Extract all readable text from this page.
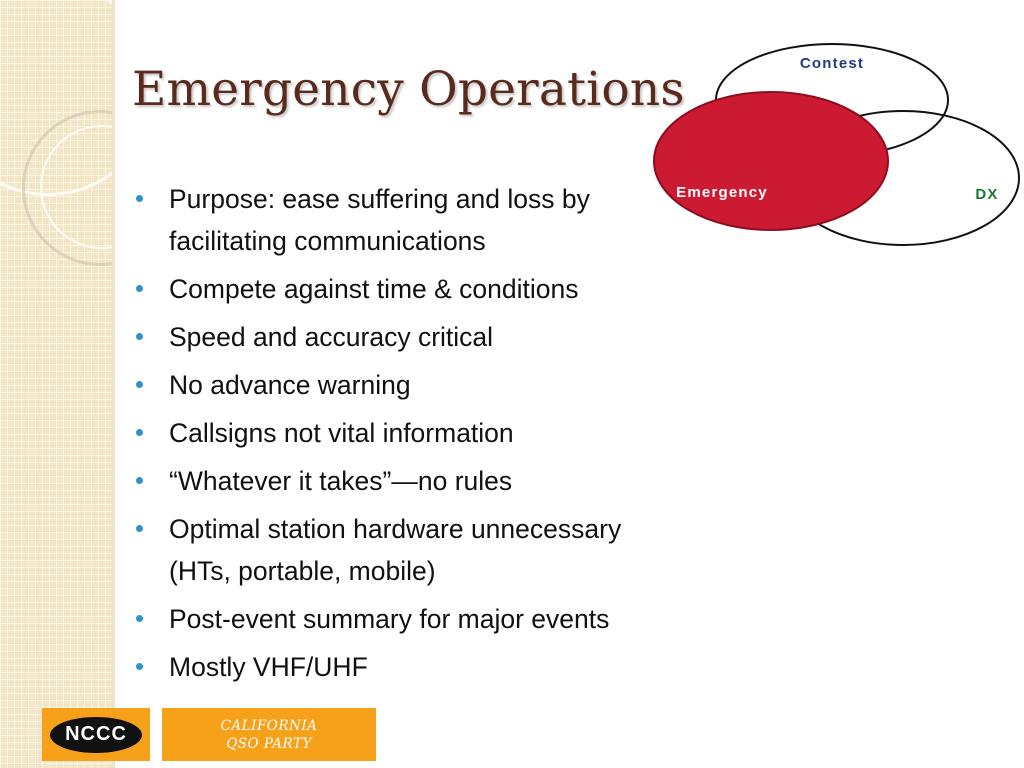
Emergency Operations
Purpose: ease suffering and loss by
facilitating communications
Compete against time & conditions
Speed and accuracy critical
No advance warning
Callsigns not vital information
“Whatever it takes”—no rules
Optimal station hardware unnecessary
(HTs, portable, mobile)
Post-event summary for major events
Mostly VHF/UHF
Contest
DX
Emergency
NCCC	CALIFORNIA
QSO PARTY
